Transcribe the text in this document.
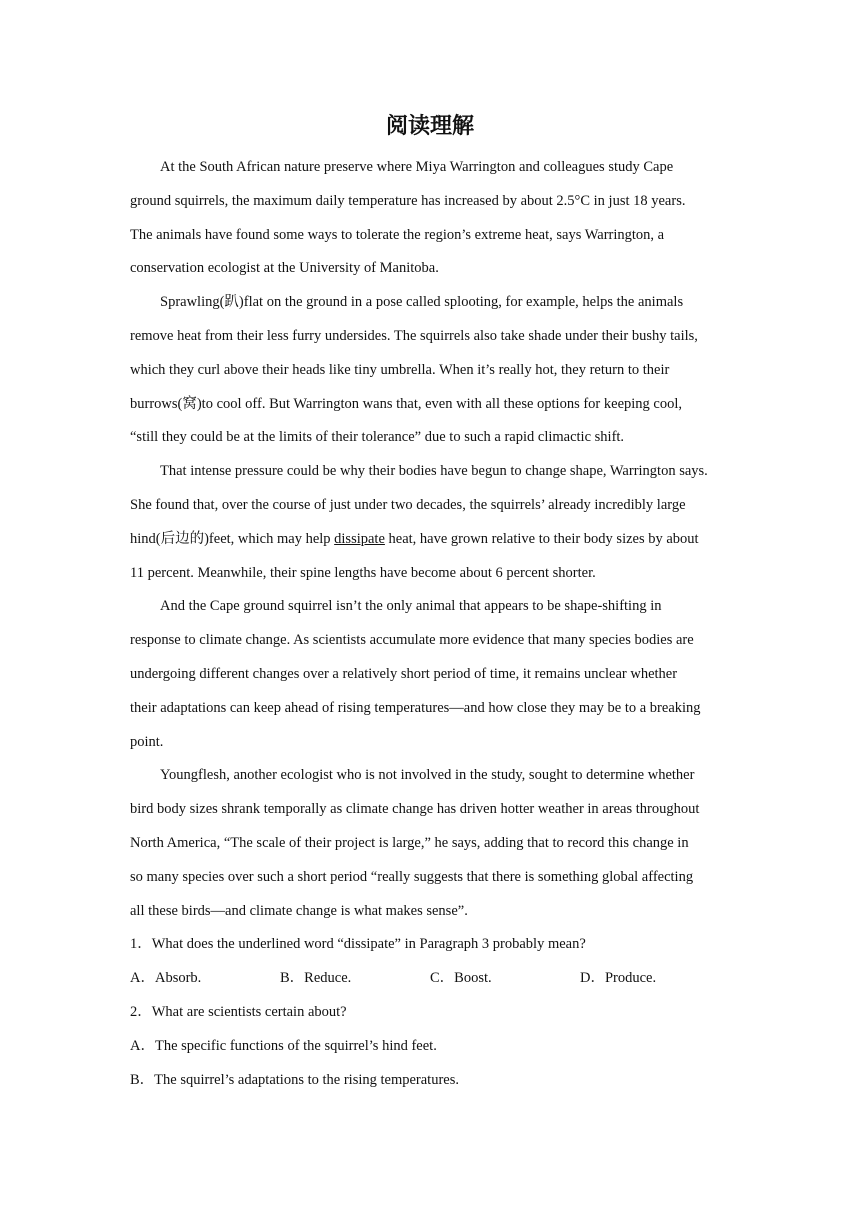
阅读理解

At the South African nature preserve where Miya Warrington and colleagues study Cape
ground squirrels, the maximum daily temperature has increased by about 2.5°C in just 18 years.
The animals have found some ways to tolerate the region’s extreme heat, says Warrington, a
conservation ecologist at the University of Manitoba.

Sprawling(趴)flat on the ground in a pose called splooting, for example, helps the animals
remove heat from their less furry undersides. The squirrels also take shade under their bushy tails,
which they curl above their heads like tiny umbrella. When it’s really hot, they return to their
burrows(窝)to cool off. But Warrington wans that, even with all these options for keeping cool,
“still they could be at the limits of their tolerance” due to such a rapid climactic shift.

That intense pressure could be why their bodies have begun to change shape, Warrington says.
She found that, over the course of just under two decades, the squirrels’ already incredibly large
hind(后边的)feet, which may help dissipate heat, have grown relative to their body sizes by about
11 percent. Meanwhile, their spine lengths have become about 6 percent shorter.

And the Cape ground squirrel isn’t the only animal that appears to be shape-shifting in
response to climate change. As scientists accumulate more evidence that many species bodies are
undergoing different changes over a relatively short period of time, it remains unclear whether
their adaptations can keep ahead of rising temperatures—and how close they may be to a breaking
point.

Youngflesh, another ecologist who is not involved in the study, sought to determine whether
bird body sizes shrank temporally as climate change has driven hotter weather in areas throughout
North America, “The scale of their project is large,” he says, adding that to record this change in
so many species over such a short period “really suggests that there is something global affecting
all these birds—and climate change is what makes sense”.

1．What does the underlined word “dissipate” in Paragraph 3 probably mean?

A．Absorb.	B．Reduce.	C．Boost.	D．Produce.

2．What are scientists certain about?

A．The specific functions of the squirrel’s hind feet.

B．The squirrel’s adaptations to the rising temperatures.
